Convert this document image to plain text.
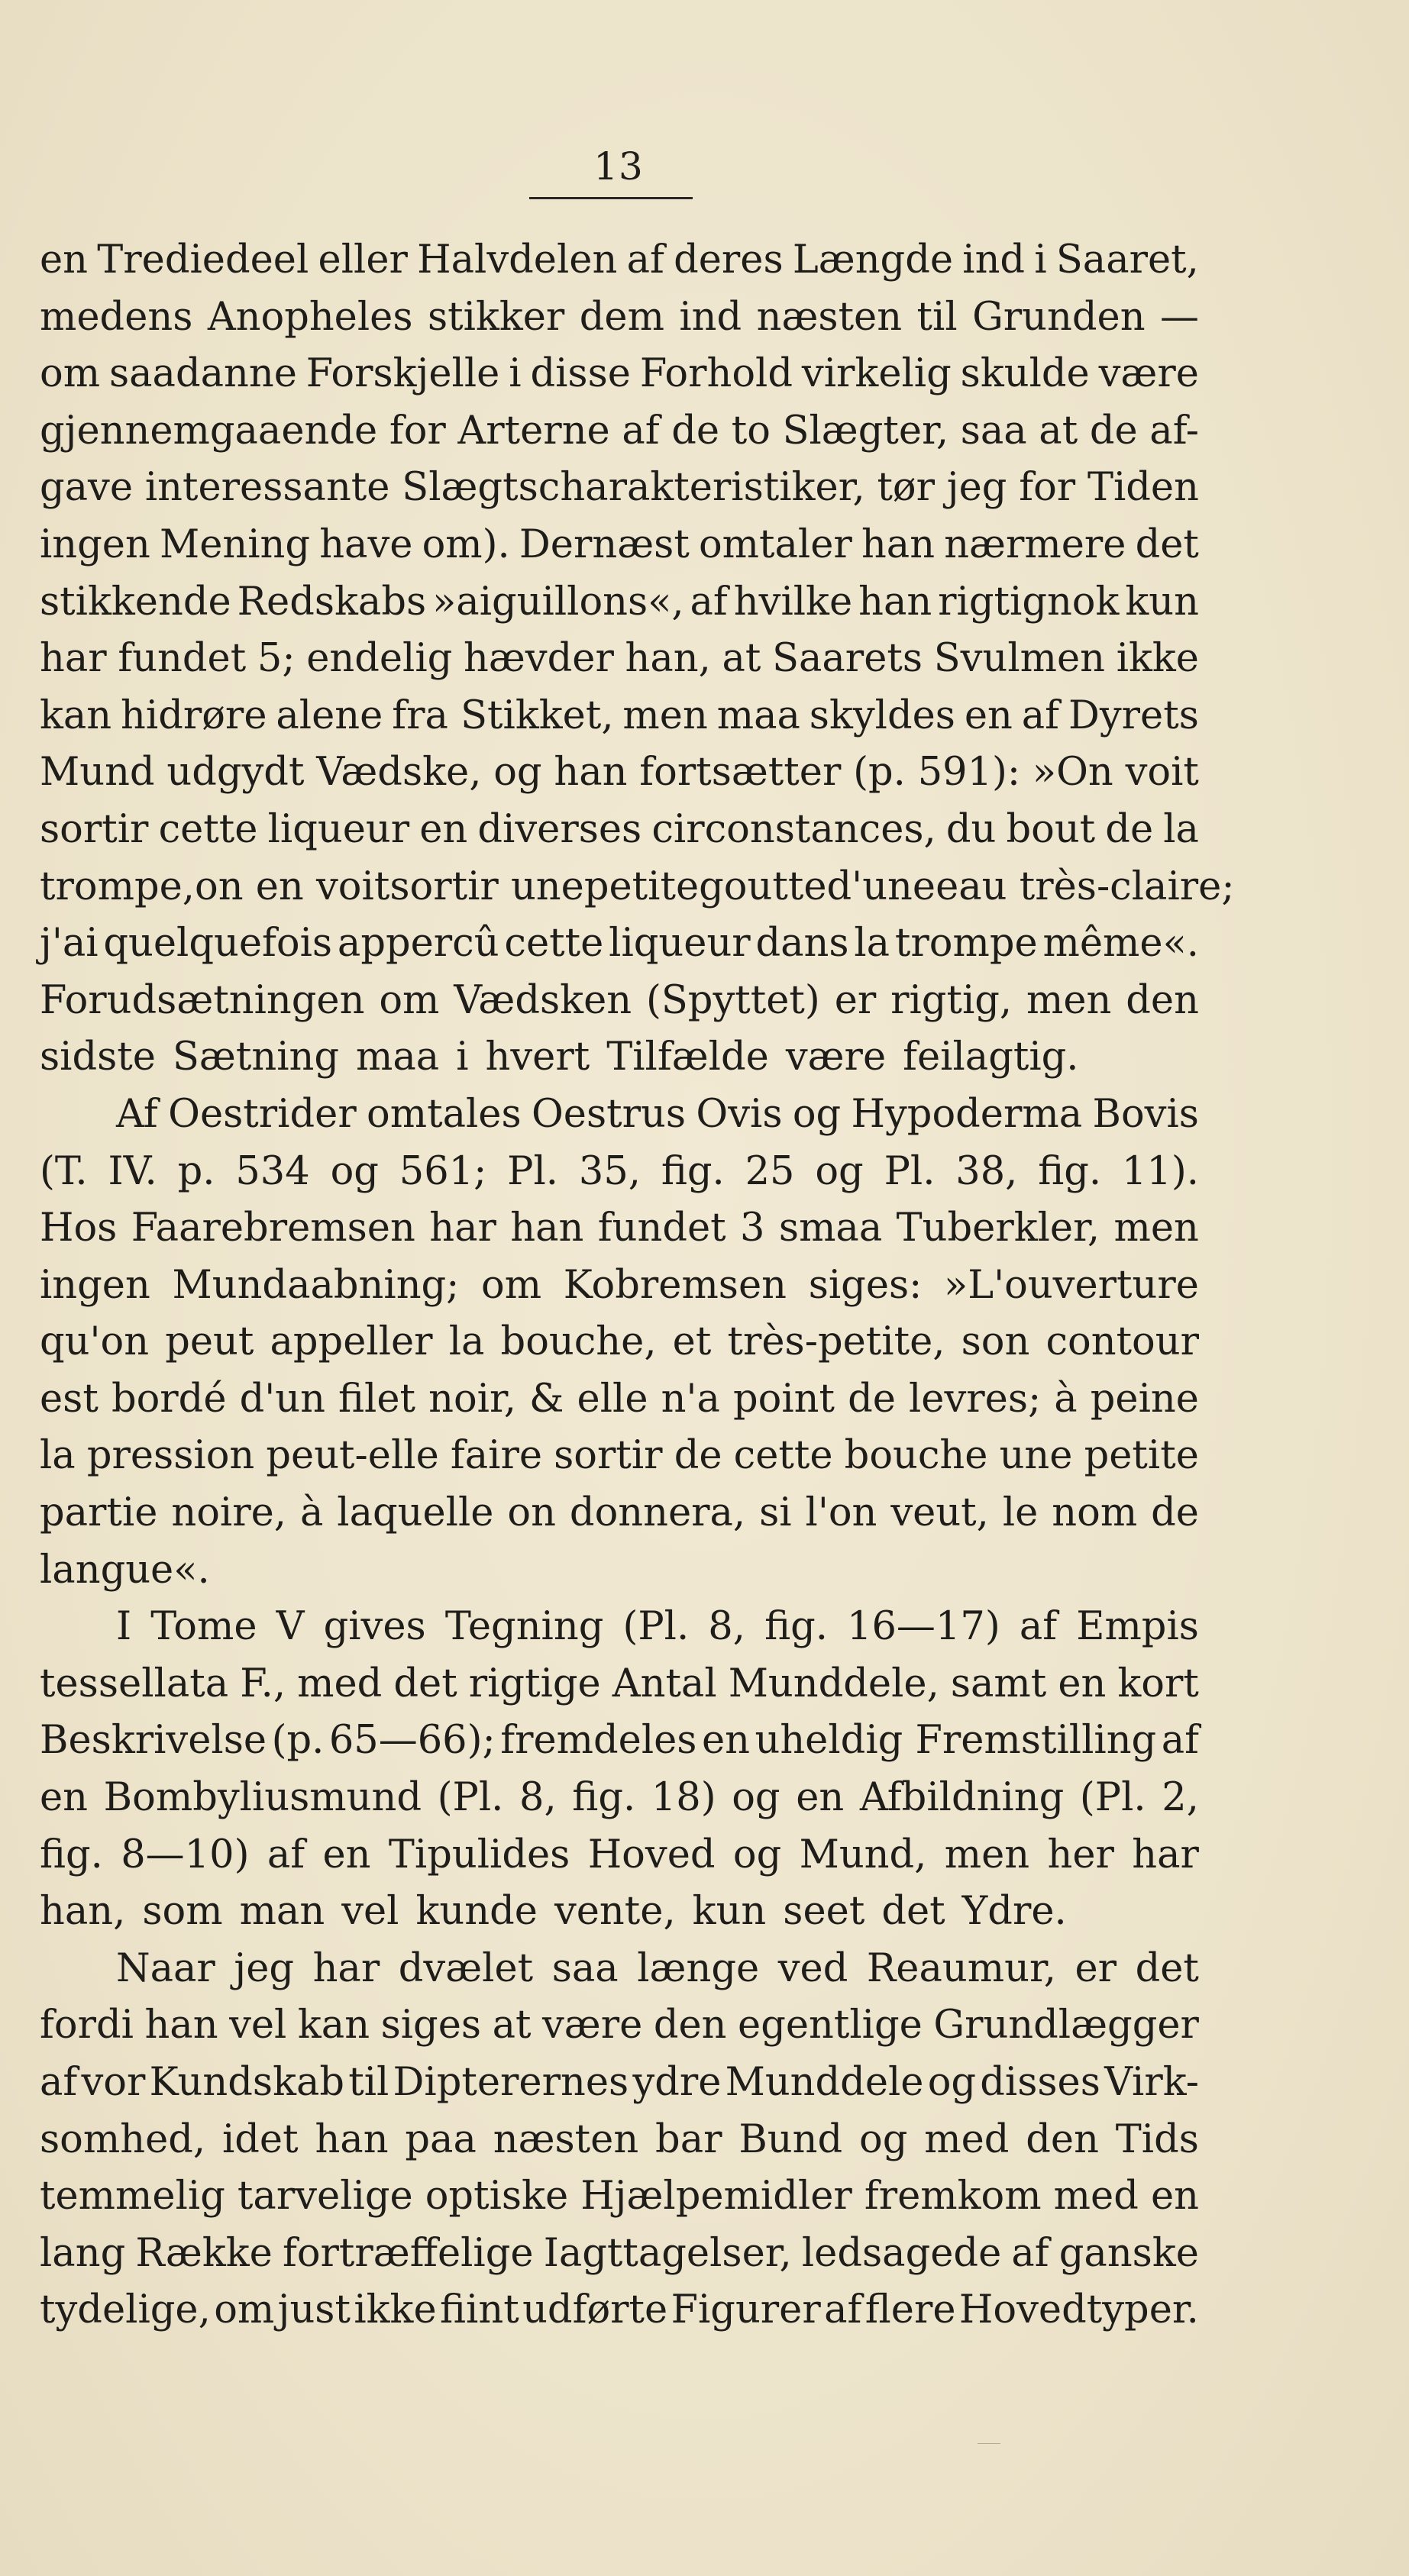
13
en Trediedeel eller Halvdelen af deres Længde ind i Saaret,
medens Anopheles stikker dem ind næsten til Grunden —
om saadanne Forskjelle i disse Forhold virkelig skulde være
gjennemgaaende for Arterne af de to Slægter, saa at de af-
gave interessante Slægtscharakteristiker, tør jeg for Tiden
ingen Mening have om). Dernæst omtaler han nærmere det
stikkende Redskabs »aiguillons«, af hvilke han rigtignok kun
har fundet 5; endelig hævder han, at Saarets Svulmen ikke
kan hidrøre alene fra Stikket, men maa skyldes en af Dyrets
Mund udgydt Vædske, og han fortsætter (p. 591): »On voit
sortir cette liqueur en diverses circonstances, du bout de la
trompe, on en voit sortir une petite goutte d'une eau très-claire;
j'ai quelquefois appercû cette liqueur dans la trompe même«.
Forudsætningen om Vædsken (Spyttet) er rigtig, men den
sidste Sætning maa i hvert Tilfælde være feilagtig.
Af Oestrider omtales Oestrus Ovis og Hypoderma Bovis
(T. IV. p. 534 og 561; Pl. 35, fig. 25 og Pl. 38, fig. 11).
Hos Faarebremsen har han fundet 3 smaa Tuberkler, men
ingen Mundaabning; om Kobremsen siges: »L'ouverture
qu'on peut appeller la bouche, et très-petite, son contour
est bordé d'un filet noir, & elle n'a point de levres; à peine
la pression peut-elle faire sortir de cette bouche une petite
partie noire, à laquelle on donnera, si l'on veut, le nom de
langue«.
I Tome V gives Tegning (Pl. 8, fig. 16—17) af Empis
tessellata F., med det rigtige Antal Munddele, samt en kort
Beskrivelse (p. 65—66); fremdeles en uheldig Fremstilling af
en Bombyliusmund (Pl. 8, fig. 18) og en Afbildning (Pl. 2,
fig. 8—10) af en Tipulides Hoved og Mund, men her har
han, som man vel kunde vente, kun seet det Ydre.
Naar jeg har dvælet saa længe ved Reaumur, er det
fordi han vel kan siges at være den egentlige Grundlægger
af vor Kundskab til Dipterernes ydre Munddele og disses Virk-
somhed, idet han paa næsten bar Bund og med den Tids
temmelig tarvelige optiske Hjælpemidler fremkom med en
lang Række fortræffelige Iagttagelser, ledsagede af ganske
tydelige, om just ikke fiint udførte Figurer af flere Hovedtyper.
